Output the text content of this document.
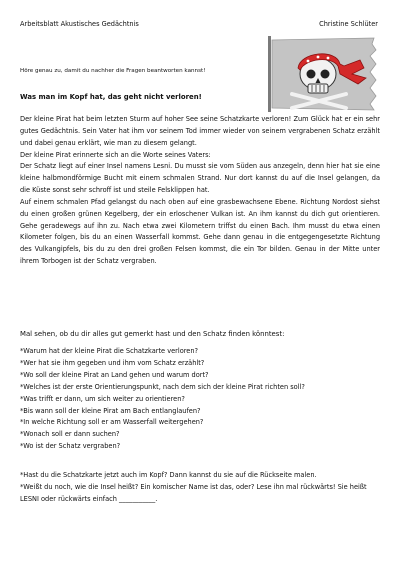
Arbeitsblatt Akustisches Gedächtnis	Christine Schlüter
Höre genau zu, damit du nachher die Fragen beantworten kannst!
Was man im Kopf hat, das geht nicht verloren!

Der kleine Pirat hat beim letzten Sturm auf hoher See seine Schatzkarte verloren! Zum Glück hat er ein sehr gutes Gedächtnis. Sein Vater hat ihm vor seinem Tod immer wieder von seinem vergrabenen Schatz erzählt und dabei genau erklärt, wie man zu diesem gelangt.

Der kleine Pirat erinnerte sich an die Worte seines Vaters:

Der Schatz liegt auf einer Insel namens Lesni. Du musst sie vom Süden aus anzegeln, denn hier hat sie eine kleine halbmondförmige Bucht mit einem schmalen Strand. Nur dort kannst du auf die Insel gelangen, da die Küste sonst sehr schroff ist und steile Felsklippen hat.

Auf einem schmalen Pfad gelangst du nach oben auf eine grasbewachsene Ebene. Richtung Nordost siehst du einen großen grünen Kegelberg, der ein erloschener Vulkan ist. An ihm kannst du dich gut orientieren. Gehe geradewegs auf ihn zu. Nach etwa zwei Kilometern triffst du einen Bach. Ihm musst du etwa einen Kilometer folgen, bis du an einen Wasserfall kommst. Gehe dann genau in die entgegengesetzte Richtung des Vulkangipfels, bis du zu den drei großen Felsen kommst, die ein Tor bilden. Genau in der Mitte unter ihrem Torbogen ist der Schatz vergraben.

Mal sehen, ob du dir alles gut gemerkt hast und den Schatz finden könntest:
*Warum hat der kleine Pirat die Schatzkarte verloren?
*Wer hat sie ihm gegeben und ihm vom Schatz erzählt?
*Wo soll der kleine Pirat an Land gehen und warum dort?
*Welches ist der erste Orientierungspunkt, nach dem sich der kleine Pirat richten soll?
*Was trifft er dann, um sich weiter zu orientieren?
*Bis wann soll der kleine Pirat am Bach entlanglaufen?
*In welche Richtung soll er am Wasserfall weitergehen?
*Wonach soll er dann suchen?
*Wo ist der Schatz vergraben?
*Hast du die Schatzkarte jetzt auch im Kopf? Dann kannst du sie auf die Rückseite malen.
*Weißt du noch, wie die Insel heißt? Ein komischer Name ist das, oder? Lese ihn mal rückwärts! Sie heißt LESNI oder rückwärts einfach ___________.
